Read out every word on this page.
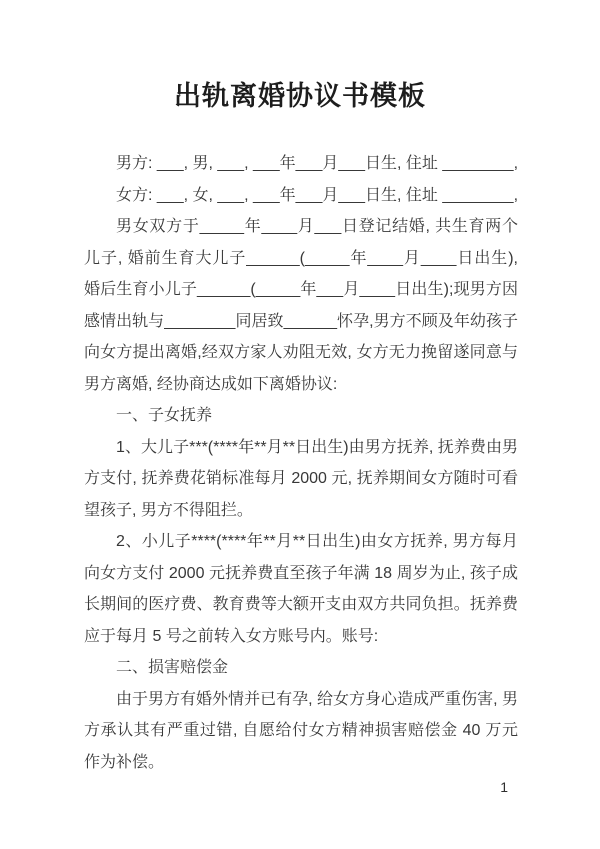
出轨离婚协议书模板

男方: ___, 男, ___, ___年___月___日生, 住址 ________,

女方: ___, 女, ___, ___年___月___日生, 住址 ________,

男女双方于_____年____月___日登记结婚, 共生育两个儿子, 婚前生育大儿子______(_____年____月____日出生), 婚后生育小儿子______(_____年___月____日出生);现男方因感情出轨与________同居致______怀孕,男方不顾及年幼孩子向女方提出离婚,经双方家人劝阻无效, 女方无力挽留遂同意与男方离婚, 经协商达成如下离婚协议:

一、子女抚养

1、大儿子***(****年**月**日出生)由男方抚养, 抚养费由男方支付, 抚养费花销标准每月 2000 元, 抚养期间女方随时可看望孩子, 男方不得阻拦。

2、小儿子****(****年**月**日出生)由女方抚养, 男方每月向女方支付 2000 元抚养费直至孩子年满 18 周岁为止, 孩子成长期间的医疗费、教育费等大额开支由双方共同负担。抚养费应于每月 5 号之前转入女方账号内。账号:

二、损害赔偿金

由于男方有婚外情并已有孕, 给女方身心造成严重伤害, 男方承认其有严重过错, 自愿给付女方精神损害赔偿金 40 万元作为补偿。

1
